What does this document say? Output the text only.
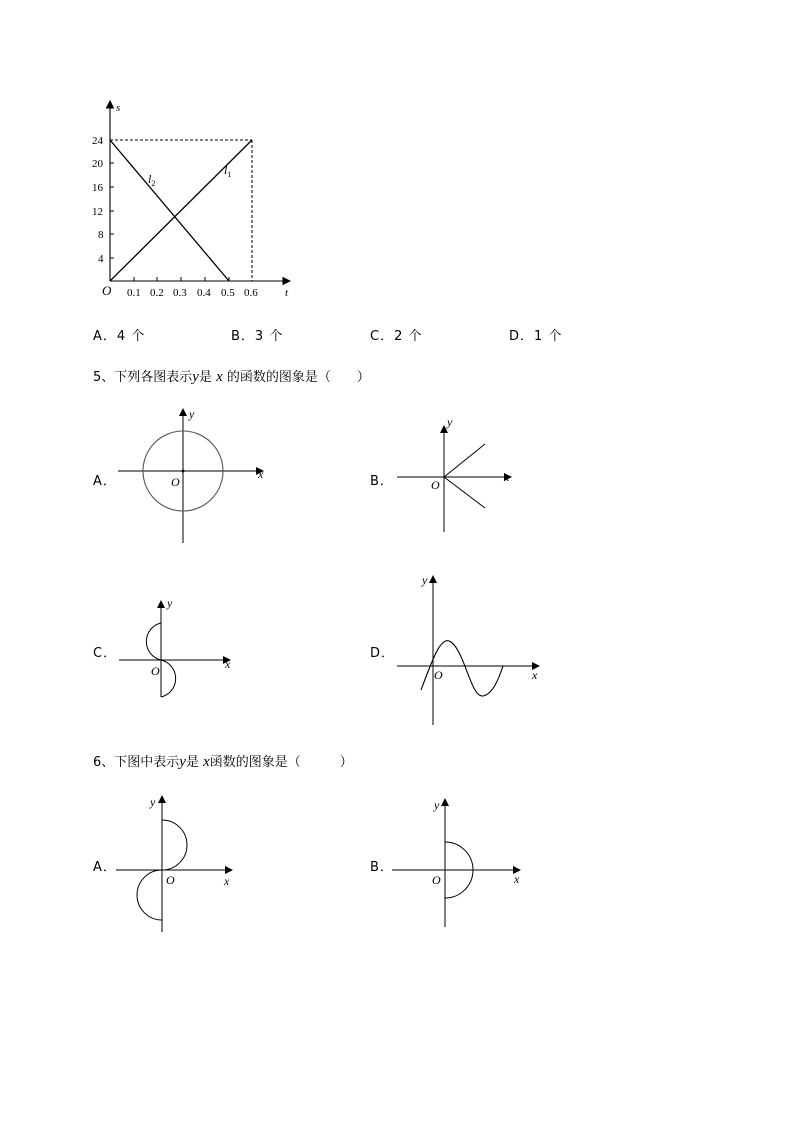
24
20
16
12
8
4
0.1 0.2 0.3 0.4 0.5 0.6
O
s
t
$l_2$
$l_1$
A．4 个	B．3 个	C．2 个	D．1 个
5、下列各图表示y是 x 的函数的图象是（　　）
A．	B．
C．	D．
O
y
x
O
y
x
O
y
x
O
y
x
6、下图中表示y是 x函数的图象是（　　　）
A．	B．
O
y
x	O
y
x
